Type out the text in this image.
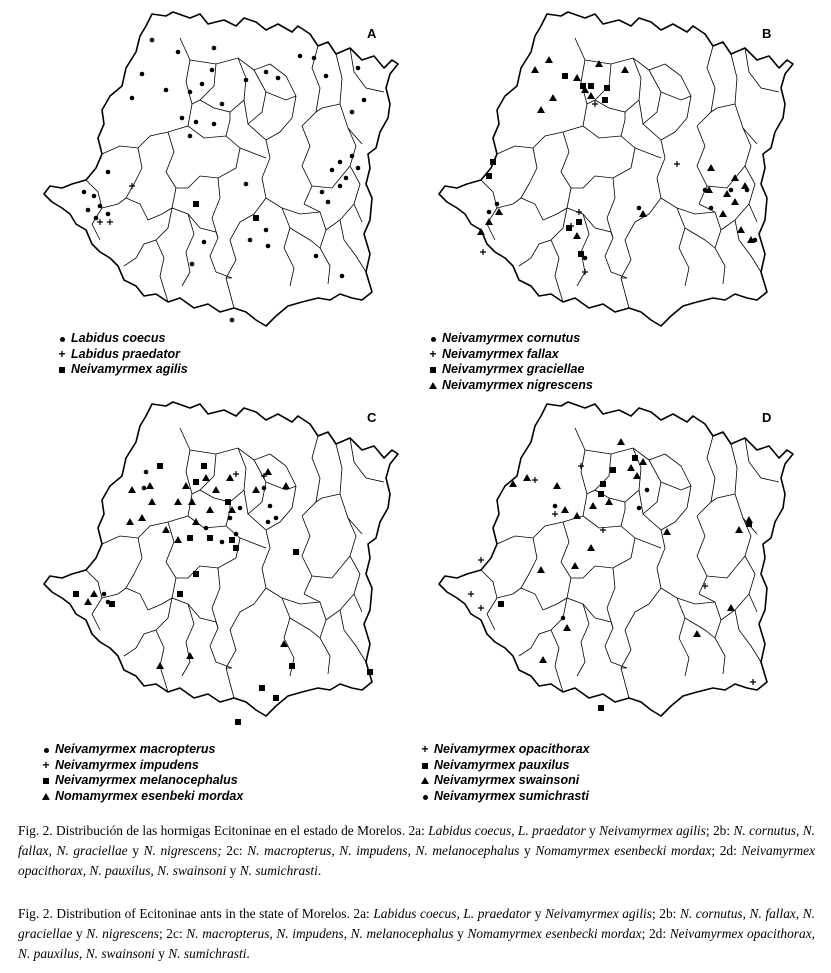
A
Labidus coecus
+
Labidus praedator
Neivamyrmex agilis
B
Neivamyrmex cornutus
+
Neivamyrmex fallax
Neivamyrmex graciellae
Neivamyrmex nigrescens
C
Neivamyrmex macropterus
+
Neivamyrmex impudens
Neivamyrmex melanocephalus
Nomamyrmex esenbeki mordax
D
+
Neivamyrmex opacithorax
Neivamyrmex pauxilus
Neivamyrmex swainsoni
Neivamyrmex sumichrasti
Fig. 2. Distribución de las hormigas Ecitoninae en el estado de Morelos. 2a: Labidus coecus, L. praedator y Neivamyrmex agilis; 2b: N. cornutus, N. fallax, N. graciellae y N. nigrescens; 2c: N. macropterus, N. impudens, N. melanocephalus y Nomamyrmex esenbecki mordax; 2d: Neivamyrmex opacithorax, N. pauxilus, N. swainsoni y N. sumichrasti.
Fig. 2. Distribution of Ecitoninae ants in the state of Morelos. 2a: Labidus coecus, L. praedator y Neivamyrmex agilis; 2b: N. cornutus, N. fallax, N. graciellae y N. nigrescens; 2c: N. macropterus, N. impudens, N. melanocephalus y Nomamyrmex esenbecki mordax; 2d: Neivamyrmex opacithorax, N. pauxilus, N. swainsoni y N. sumichrasti.
